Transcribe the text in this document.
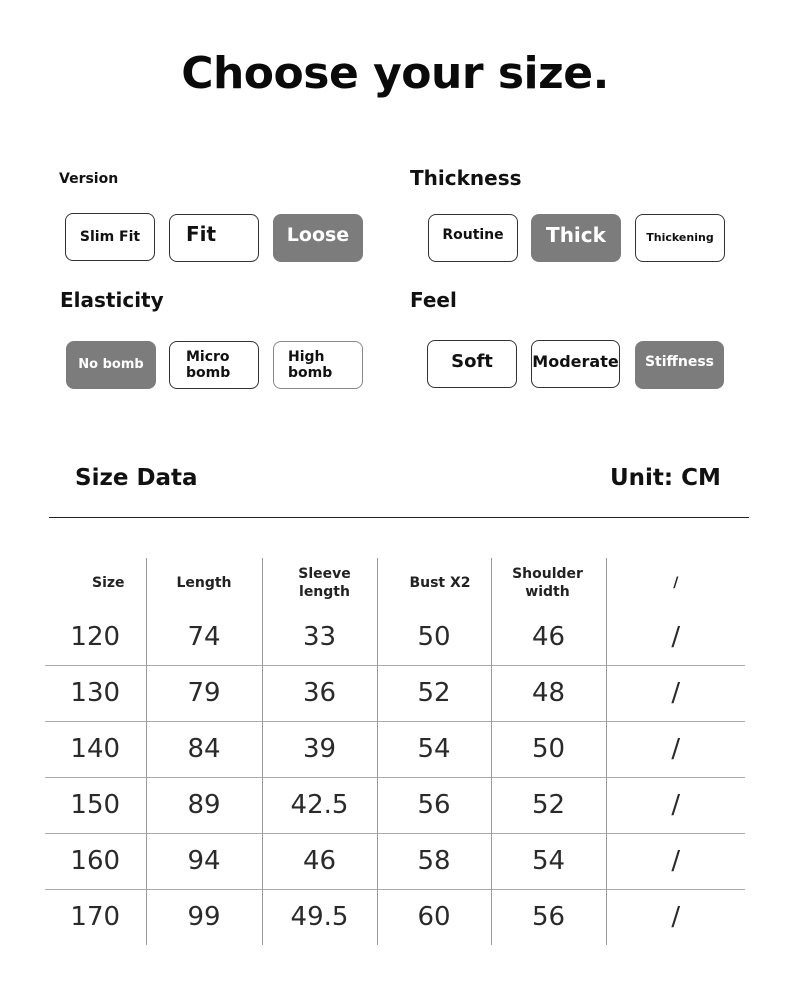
Choose your size.
Version
Slim Fit Fit	Loose
Thickness
Routine Thick	Thickening
Elasticity
No bomb	Micro bomb
High bomb
Feel
Soft Moderate Stiffness
Size Data	Unit: CM
Size	Length	Sleeve length	Bust X2	Shoulder width	/
120	74	33	50	46	/
130	79	36	52	48	/
140	84	39	54	50	/
150	89	42.5	56	52	/
160	94	46	58	54	/
170	99	49.5	60	56	/
